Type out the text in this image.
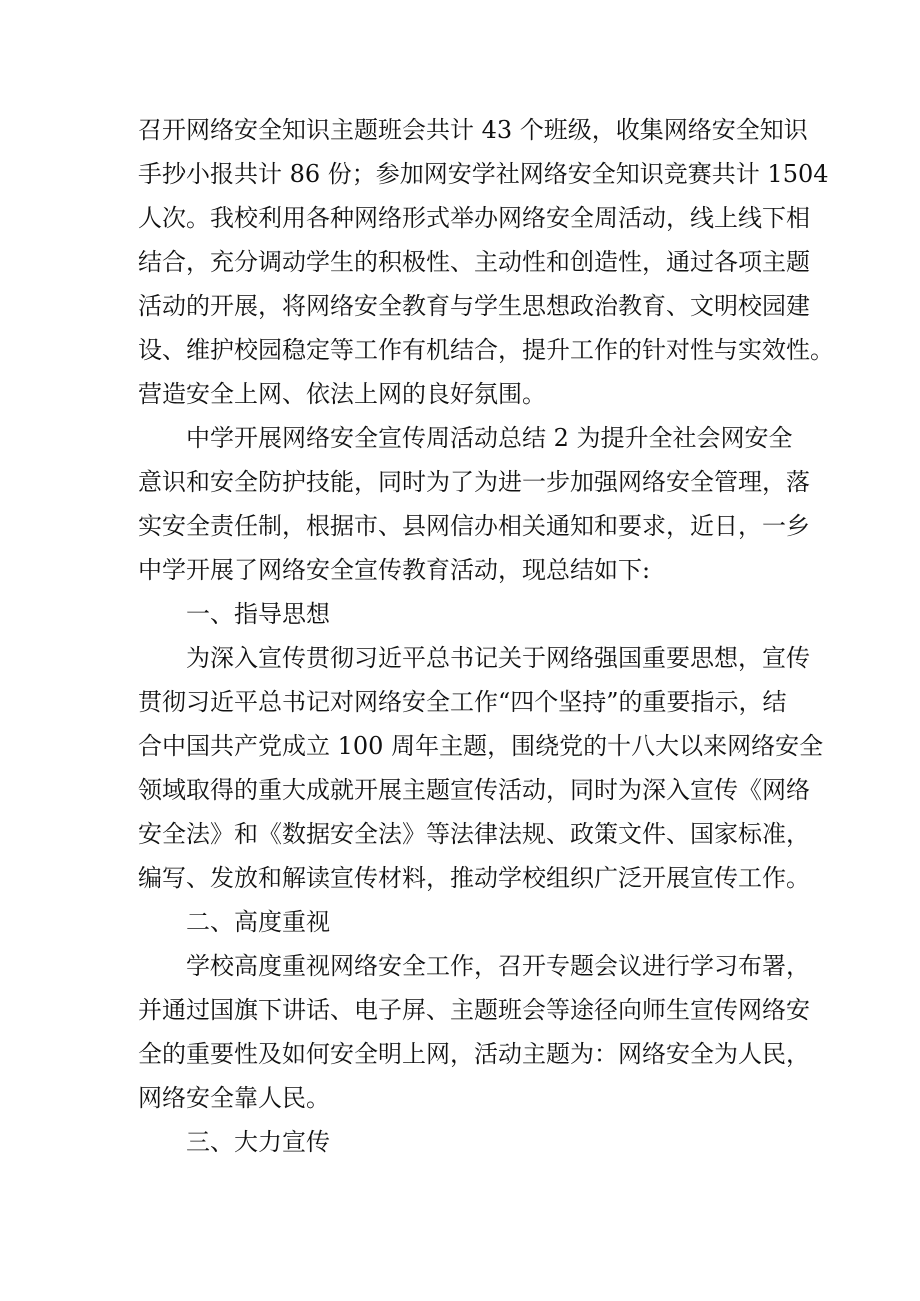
召开网络安全知识主题班会共计 43 个班级，收集网络安全知识

手抄小报共计 86 份；参加网安学社网络安全知识竞赛共计 1504

人次。我校利用各种网络形式举办网络安全周活动，线上线下相

结合，充分调动学生的积极性、主动性和创造性，通过各项主题

活动的开展，将网络安全教育与学生思想政治教育、文明校园建

设、维护校园稳定等工作有机结合，提升工作的针对性与实效性。

营造安全上网、依法上网的良好氛围。

中学开展网络安全宣传周活动总结 2 为提升全社会网安全

意识和安全防护技能，同时为了为进一步加强网络安全管理，落

实安全责任制，根据市、县网信办相关通知和要求，近日，一乡

中学开展了网络安全宣传教育活动，现总结如下:

一、指导思想

为深入宣传贯彻习近平总书记关于网络强国重要思想，宣传

贯彻习近平总书记对网络安全工作“四个坚持”的重要指示，结

合中国共产党成立 100 周年主题，围绕党的十八大以来网络安全

领域取得的重大成就开展主题宣传活动，同时为深入宣传《网络

安全法》和《数据安全法》等法律法规、政策文件、国家标准，

编写、发放和解读宣传材料，推动学校组织广泛开展宣传工作。

二、高度重视

学校高度重视网络安全工作，召开专题会议进行学习布署，

并通过国旗下讲话、电子屏、主题班会等途径向师生宣传网络安

全的重要性及如何安全明上网，活动主题为：网络安全为人民，

网络安全靠人民。

三、大力宣传
